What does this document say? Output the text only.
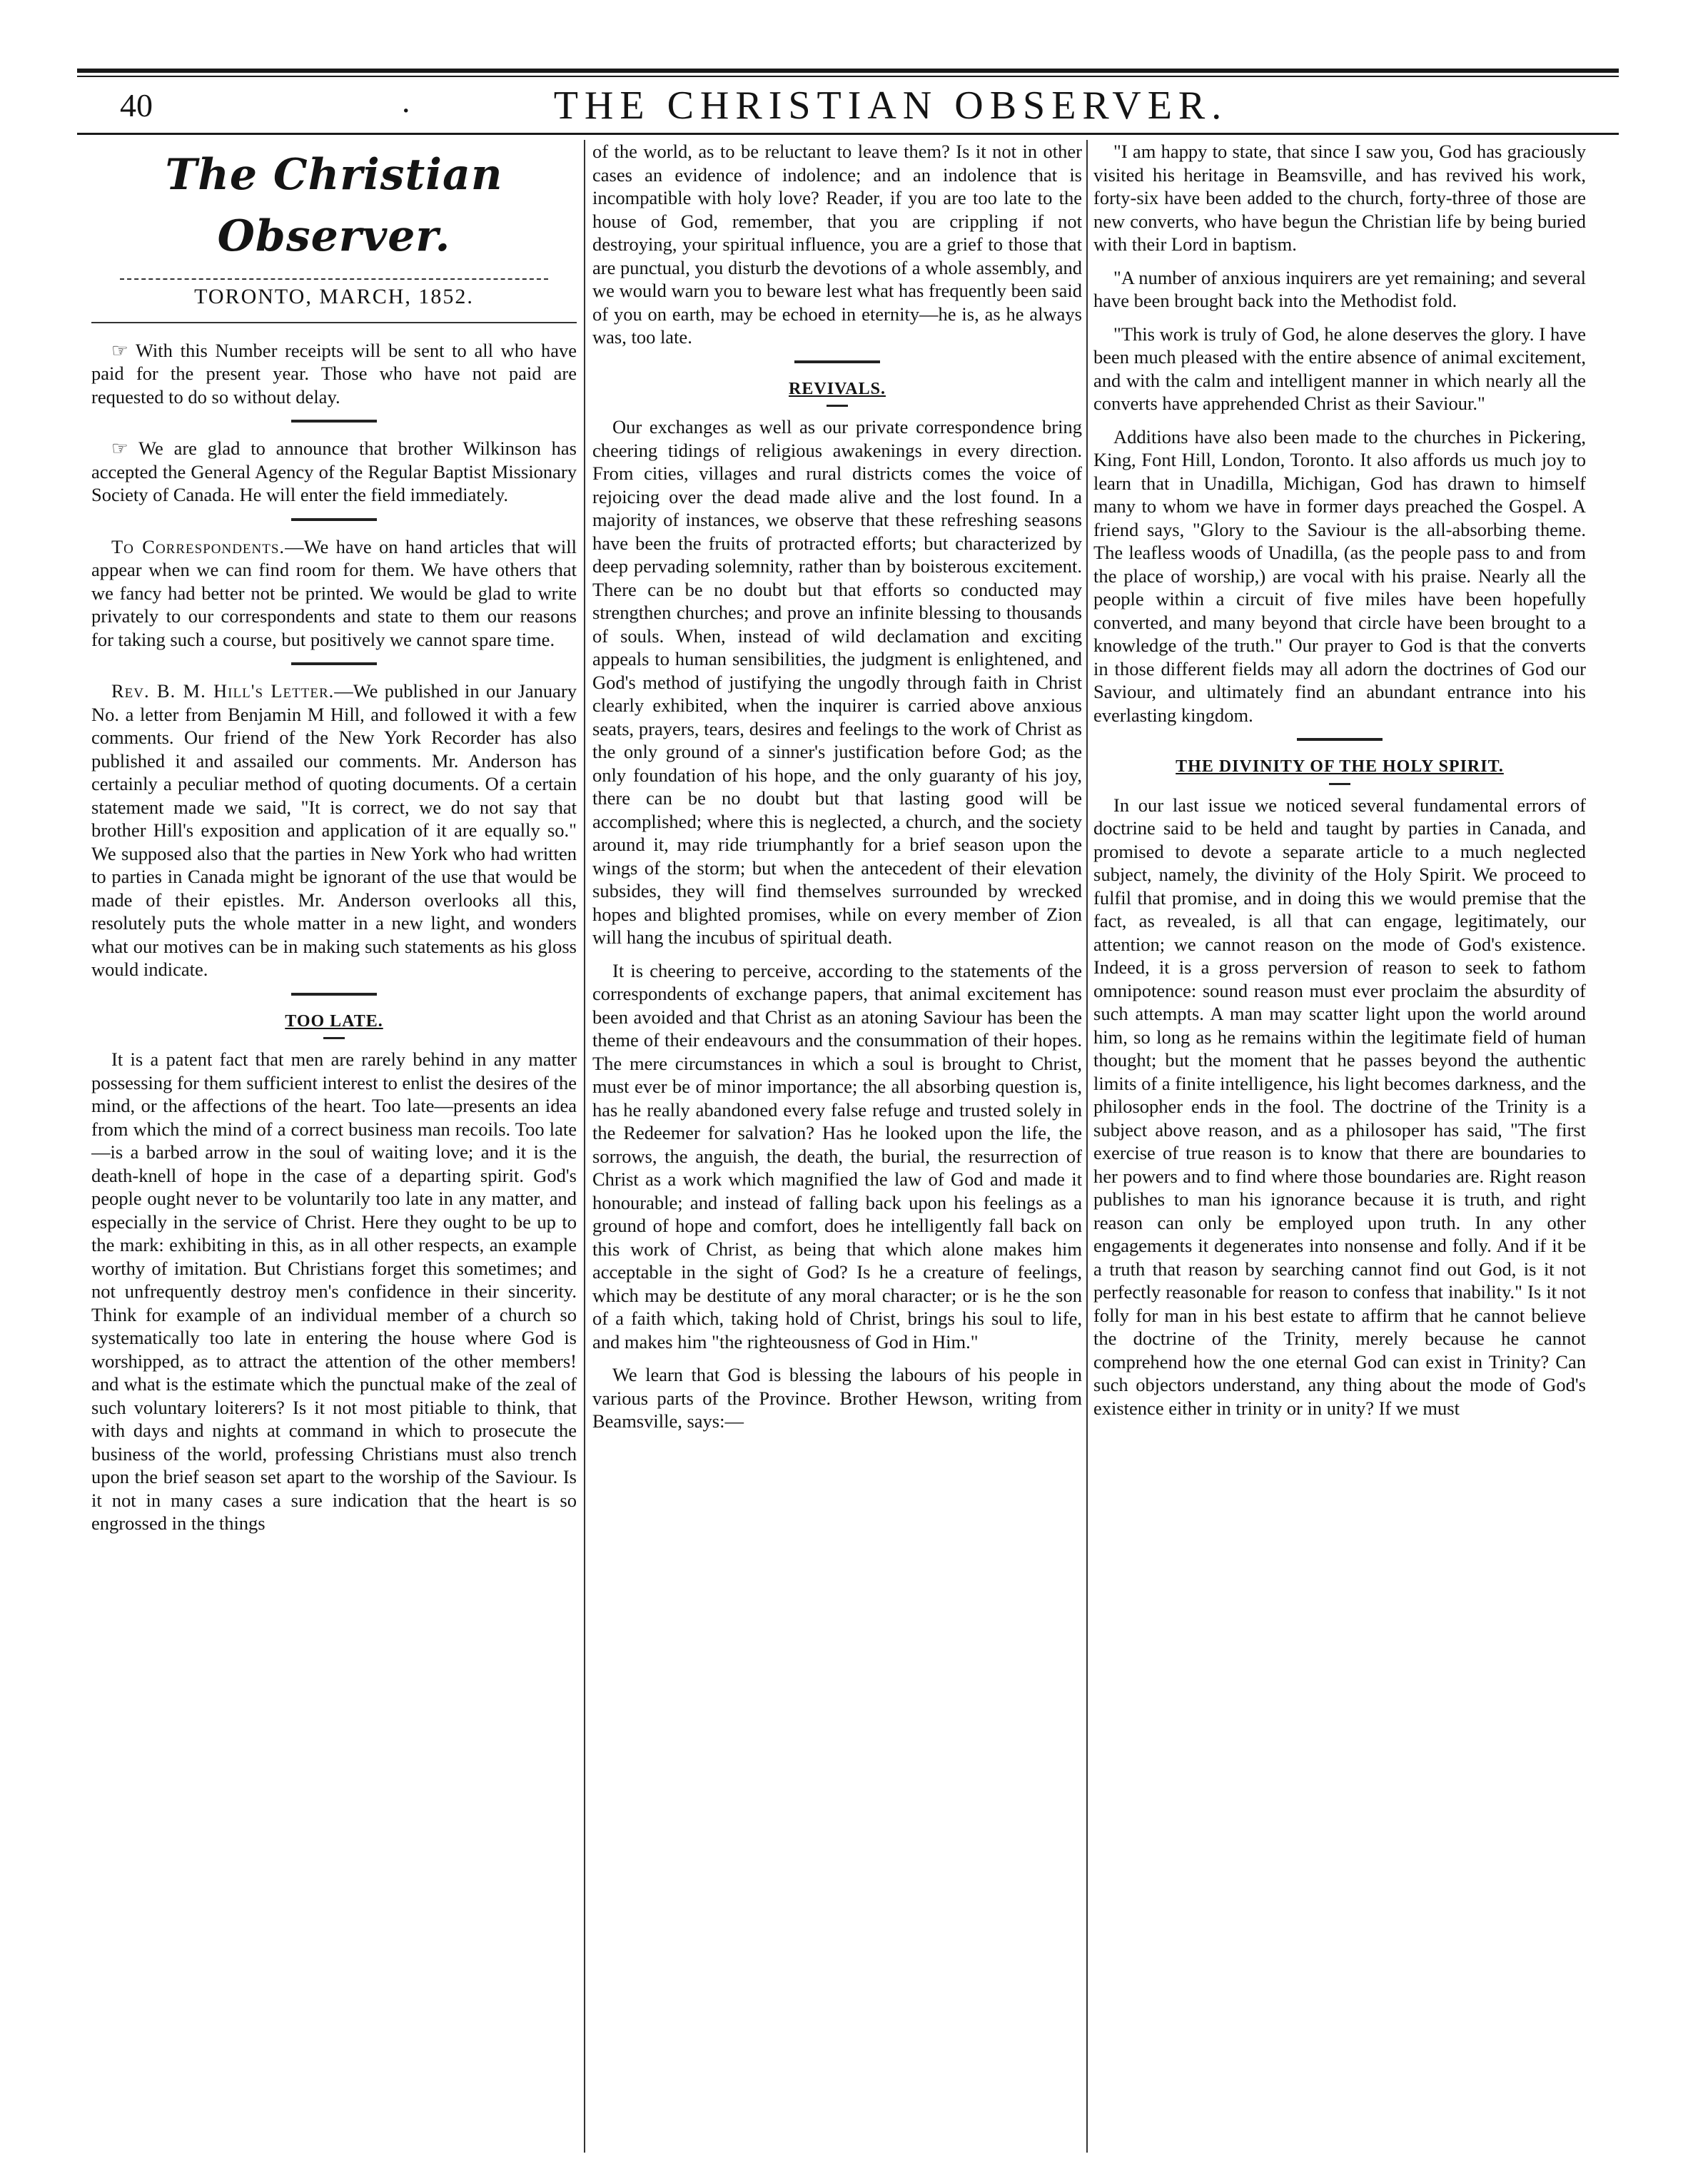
40	.	THE CHRISTIAN OBSERVER.
The Christian Observer.
TORONTO, MARCH, 1852.

☞ With this Number receipts will be sent to all who have paid for the present year. Those who have not paid are requested to do so without delay.

☞ We are glad to announce that brother Wilkinson has accepted the General Agency of the Regular Baptist Missionary Society of Canada. He will enter the field immediately.

To Correspondents.—We have on hand articles that will appear when we can find room for them. We have others that we fancy had better not be printed. We would be glad to write privately to our correspondents and state to them our reasons for taking such a course, but positively we cannot spare time.

Rev. B. M. Hill's Letter.—We published in our January No. a letter from Benjamin M Hill, and followed it with a few comments. Our friend of the New York Recorder has also published it and assailed our comments. Mr. Anderson has certainly a peculiar method of quoting documents. Of a certain statement made we said, "It is correct, we do not say that brother Hill's exposition and application of it are equally so." We supposed also that the parties in New York who had written to parties in Canada might be ignorant of the use that would be made of their epistles. Mr. Anderson overlooks all this, resolutely puts the whole matter in a new light, and wonders what our motives can be in making such statements as his gloss would indicate.

TOO LATE.

It is a patent fact that men are rarely behind in any matter possessing for them sufficient interest to enlist the desires of the mind, or the affections of the heart. Too late—presents an idea from which the mind of a correct business man recoils. Too late—is a barbed arrow in the soul of waiting love; and it is the death-knell of hope in the case of a departing spirit. God's people ought never to be voluntarily too late in any matter, and especially in the service of Christ. Here they ought to be up to the mark: exhibiting in this, as in all other respects, an example worthy of imitation. But Christians forget this sometimes; and not unfrequently destroy men's confidence in their sincerity. Think for example of an individual member of a church so systematically too late in entering the house where God is worshipped, as to attract the attention of the other members! and what is the estimate which the punctual make of the zeal of such voluntary loiterers? Is it not most pitiable to think, that with days and nights at command in which to prosecute the business of the world, professing Christians must also trench upon the brief season set apart to the worship of the Saviour. Is it not in many cases a sure indication that the heart is so engrossed in the things

of the world, as to be reluctant to leave them? Is it not in other cases an evidence of indolence; and an indolence that is incompatible with holy love? Reader, if you are too late to the house of God, remember, that you are crippling if not destroying, your spiritual influence, you are a grief to those that are punctual, you disturb the devotions of a whole assembly, and we would warn you to beware lest what has frequently been said of you on earth, may be echoed in eternity—he is, as he always was, too late.

REVIVALS.

Our exchanges as well as our private correspondence bring cheering tidings of religious awakenings in every direction. From cities, villages and rural districts comes the voice of rejoicing over the dead made alive and the lost found. In a majority of instances, we observe that these refreshing seasons have been the fruits of protracted efforts; but characterized by deep pervading solemnity, rather than by boisterous excitement. There can be no doubt but that efforts so conducted may strengthen churches; and prove an infinite blessing to thousands of souls. When, instead of wild declamation and exciting appeals to human sensibilities, the judgment is enlightened, and God's method of justifying the ungodly through faith in Christ clearly exhibited, when the inquirer is carried above anxious seats, prayers, tears, desires and feelings to the work of Christ as the only ground of a sinner's justification before God; as the only foundation of his hope, and the only guaranty of his joy, there can be no doubt but that lasting good will be accomplished; where this is neglected, a church, and the society around it, may ride triumphantly for a brief season upon the wings of the storm; but when the antecedent of their elevation subsides, they will find themselves surrounded by wrecked hopes and blighted promises, while on every member of Zion will hang the incubus of spiritual death.

It is cheering to perceive, according to the statements of the correspondents of exchange papers, that animal excitement has been avoided and that Christ as an atoning Saviour has been the theme of their endeavours and the consummation of their hopes. The mere circumstances in which a soul is brought to Christ, must ever be of minor importance; the all absorbing question is, has he really abandoned every false refuge and trusted solely in the Redeemer for salvation? Has he looked upon the life, the sorrows, the anguish, the death, the burial, the resurrection of Christ as a work which magnified the law of God and made it honourable; and instead of falling back upon his feelings as a ground of hope and comfort, does he intelligently fall back on this work of Christ, as being that which alone makes him acceptable in the sight of God? Is he a creature of feelings, which may be destitute of any moral character; or is he the son of a faith which, taking hold of Christ, brings his soul to life, and makes him "the righteousness of God in Him."

We learn that God is blessing the labours of his people in various parts of the Province. Brother Hewson, writing from Beamsville, says:—

"I am happy to state, that since I saw you, God has graciously visited his heritage in Beamsville, and has revived his work, forty-six have been added to the church, forty-three of those are new converts, who have begun the Christian life by being buried with their Lord in baptism.

"A number of anxious inquirers are yet remaining; and several have been brought back into the Methodist fold.

"This work is truly of God, he alone deserves the glory. I have been much pleased with the entire absence of animal excitement, and with the calm and intelligent manner in which nearly all the converts have apprehended Christ as their Saviour."

Additions have also been made to the churches in Pickering, King, Font Hill, London, Toronto. It also affords us much joy to learn that in Unadilla, Michigan, God has drawn to himself many to whom we have in former days preached the Gospel. A friend says, "Glory to the Saviour is the all-absorbing theme. The leafless woods of Unadilla, (as the people pass to and from the place of worship,) are vocal with his praise. Nearly all the people within a circuit of five miles have been hopefully converted, and many beyond that circle have been brought to a knowledge of the truth." Our prayer to God is that the converts in those different fields may all adorn the doctrines of God our Saviour, and ultimately find an abundant entrance into his everlasting kingdom.

THE DIVINITY OF THE HOLY SPIRIT.

In our last issue we noticed several fundamental errors of doctrine said to be held and taught by parties in Canada, and promised to devote a separate article to a much neglected subject, namely, the divinity of the Holy Spirit. We proceed to fulfil that promise, and in doing this we would premise that the fact, as revealed, is all that can engage, legitimately, our attention; we cannot reason on the mode of God's existence. Indeed, it is a gross perversion of reason to seek to fathom omnipotence: sound reason must ever proclaim the absurdity of such attempts. A man may scatter light upon the world around him, so long as he remains within the legitimate field of human thought; but the moment that he passes beyond the authentic limits of a finite intelligence, his light becomes darkness, and the philosopher ends in the fool. The doctrine of the Trinity is a subject above reason, and as a philosoper has said, "The first exercise of true reason is to know that there are boundaries to her powers and to find where those boundaries are. Right reason publishes to man his ignorance because it is truth, and right reason can only be employed upon truth. In any other engagements it degenerates into nonsense and folly. And if it be a truth that reason by searching cannot find out God, is it not perfectly reasonable for reason to confess that inability." Is it not folly for man in his best estate to affirm that he cannot believe the doctrine of the Trinity, merely because he cannot comprehend how the one eternal God can exist in Trinity? Can such objectors understand, any thing about the mode of God's existence either in trinity or in unity? If we must
